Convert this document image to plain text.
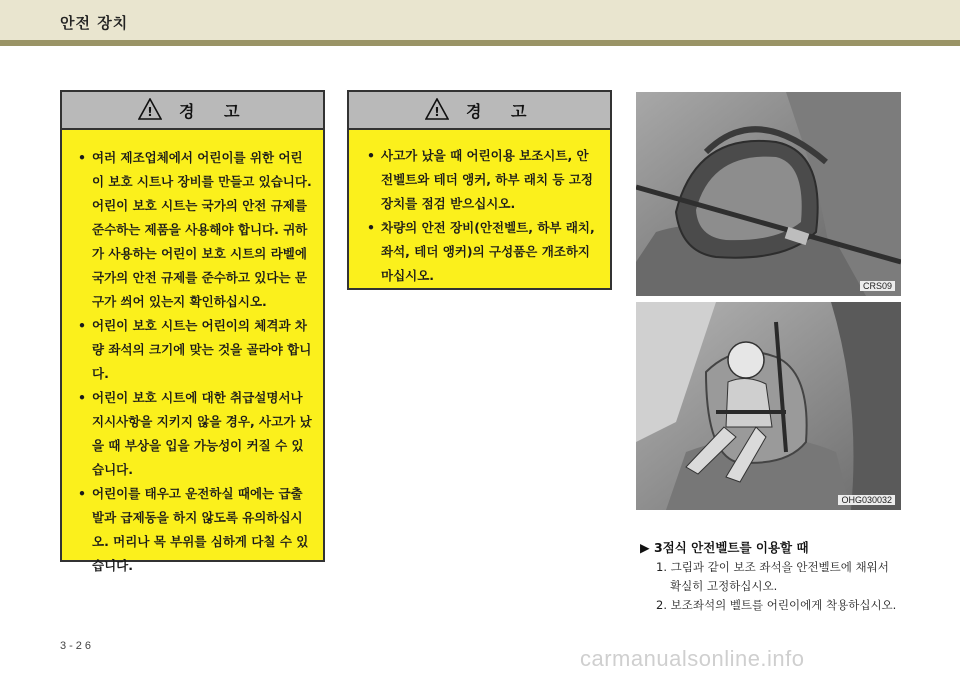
안전 장치
! 경 고
• 여러 제조업체에서 어린이를 위한 어린이 보호 시트나 장비를 만들고 있습니다. 어린이 보호 시트는 국가의 안전 규제를 준수하는 제품을 사용해야 합니다. 귀하가 사용하는 어린이 보호 시트의 라벨에 국가의 안전 규제를 준수하고 있다는 문구가 씌어 있는지 확인하십시오.
• 어린이 보호 시트는 어린이의 체격과 차량 좌석의 크기에 맞는 것을 골라야 합니다.
• 어린이 보호 시트에 대한 취급설명서나 지시사항을 지키지 않을 경우, 사고가 났을 때 부상을 입을 가능성이 커질 수 있습니다.
• 어린이를 태우고 운전하실 때에는 급출발과 급제동을 하지 않도록 유의하십시오. 머리나 목 부위를 심하게 다칠 수 있습니다.
! 경 고
• 사고가 났을 때 어린이용 보조시트, 안전벨트와 테더 앵커, 하부 래치 등 고정장치를 점검 받으십시오.
• 차량의 안전 장비(안전벨트, 하부 래치, 좌석, 테더 앵커)의 구성품은 개조하지 마십시오.
CRS09
OHG030032
▶ 3점식 안전벨트를 이용할 때
1. 그림과 같이 보조 좌석을 안전벨트에 채워서
확실히 고정하십시오.
2. 보조좌석의 벨트를 어린이에게 착용하십시오.
3-26	carmanualsonline.info
